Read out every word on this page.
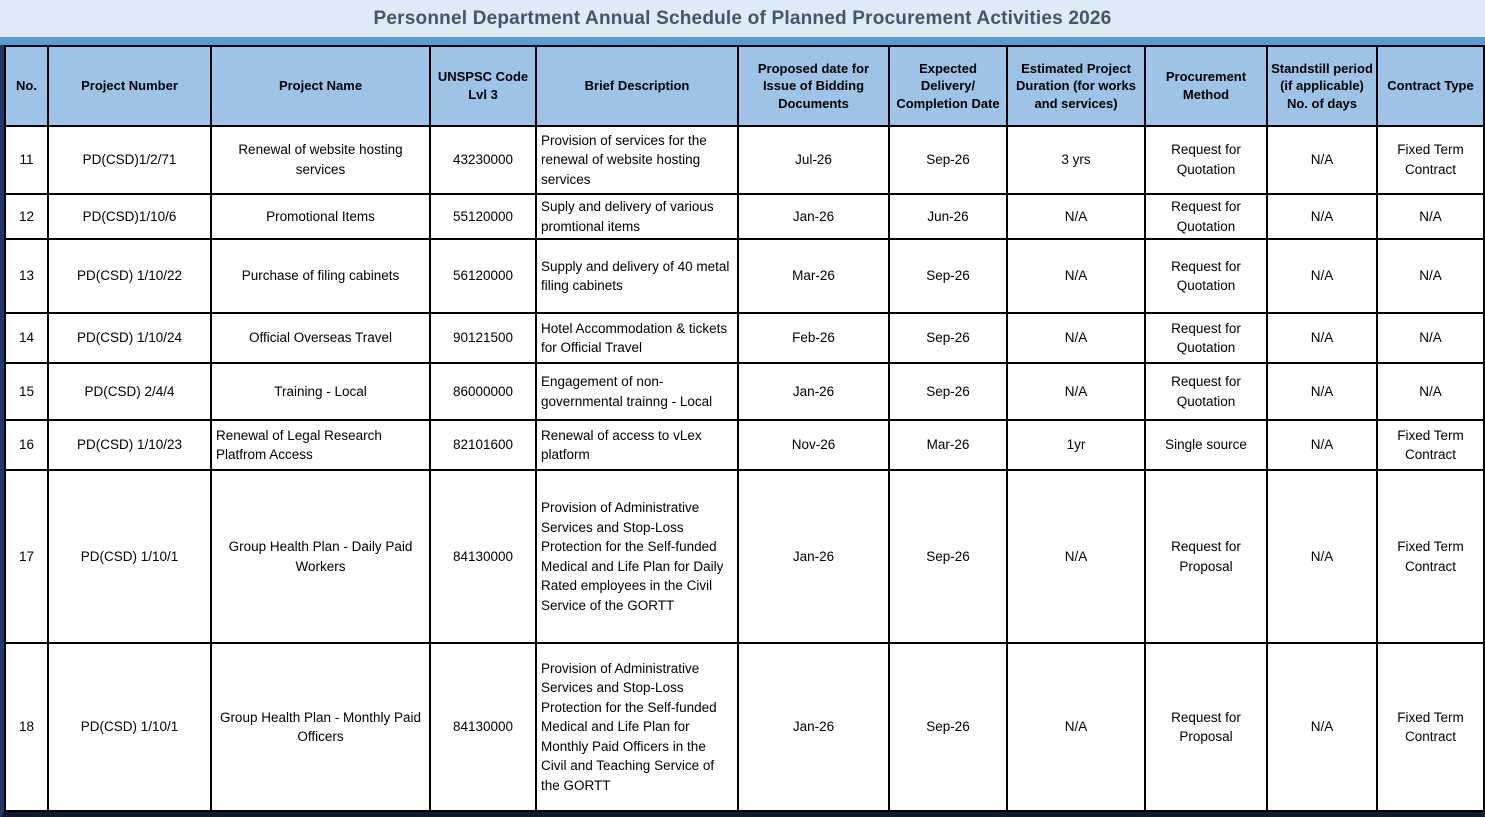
Personnel Department Annual Schedule of Planned Procurement Activities 2026
No.	Project Number	Project Name	UNSPSC Code Lvl 3	Brief Description	Proposed date for Issue of Bidding Documents	Expected Delivery/ Completion Date	Estimated Project Duration (for works and services)	Procurement Method	Standstill period (if applicable) No. of days	Contract Type
11	PD(CSD)1/2/71	Renewal of website hosting services	43230000	Provision of services for the renewal of website hosting services	Jul-26	Sep-26	3 yrs	Request for Quotation	N/A	Fixed Term Contract
12	PD(CSD)1/10/6	Promotional Items	55120000	Suply and delivery of various promtional items	Jan-26	Jun-26	N/A	Request for Quotation	N/A	N/A
13	PD(CSD) 1/10/22	Purchase of filing cabinets	56120000	Supply and delivery of 40 metal filing cabinets	Mar-26	Sep-26	N/A	Request for Quotation	N/A	N/A
14	PD(CSD) 1/10/24	Official Overseas Travel	90121500	Hotel Accommodation & tickets for Official Travel	Feb-26	Sep-26	N/A	Request for Quotation	N/A	N/A
15	PD(CSD) 2/4/4	Training - Local	86000000	Engagement of non-governmental trainng - Local	Jan-26	Sep-26	N/A	Request for Quotation	N/A	N/A
16	PD(CSD) 1/10/23	Renewal of Legal Research Platfrom Access	82101600	Renewal of access to vLex platform	Nov-26	Mar-26	1yr	Single source	N/A	Fixed Term Contract
17	PD(CSD) 1/10/1	Group Health Plan - Daily Paid Workers	84130000	Provision of Administrative Services and Stop-Loss Protection for the Self-funded Medical and Life Plan for Daily Rated employees in the Civil Service of the GORTT	Jan-26	Sep-26	N/A	Request for Proposal	N/A	Fixed Term Contract
18	PD(CSD) 1/10/1	Group Health Plan - Monthly Paid Officers	84130000	Provision of Administrative Services and Stop-Loss Protection for the Self-funded Medical and Life Plan for Monthly Paid Officers in the Civil and Teaching Service of the GORTT	Jan-26	Sep-26	N/A	Request for Proposal	N/A	Fixed Term Contract
